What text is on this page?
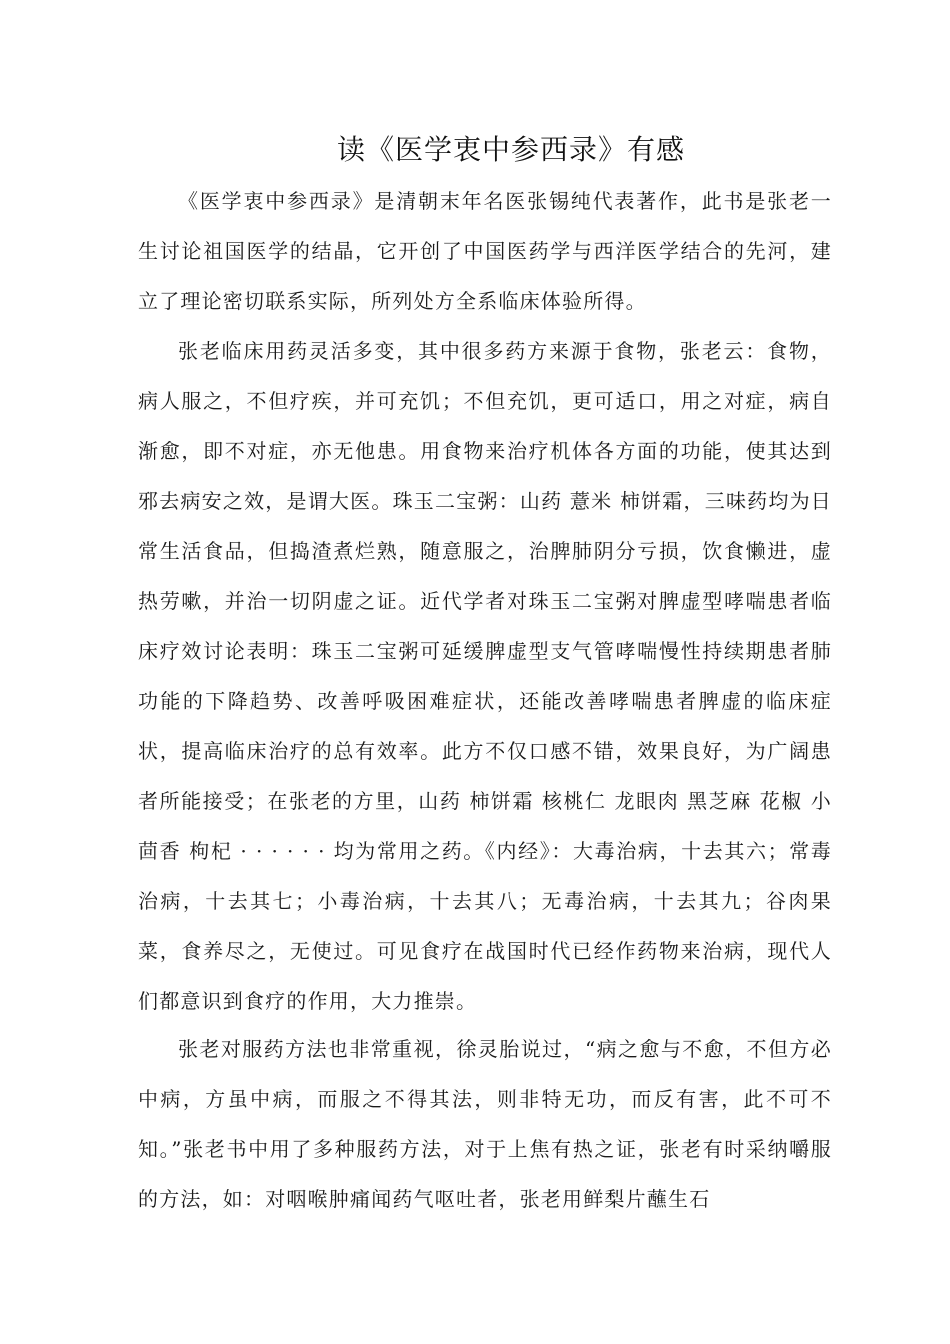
读《医学衷中参西录》有感

《医学衷中参西录》是清朝末年名医张锡纯代表著作，此书是张老一生讨论祖国医学的结晶，它开创了中国医药学与西洋医学结合的先河，建立了理论密切联系实际，所列处方全系临床体验所得。

张老临床用药灵活多变，其中很多药方来源于食物，张老云：食物，病人服之，不但疗疾，并可充饥；不但充饥，更可适口，用之对症，病自渐愈，即不对症，亦无他患。用食物来治疗机体各方面的功能，使其达到邪去病安之效，是谓大医。珠玉二宝粥：山药 薏米 柿饼霜，三味药均为日常生活食品，但捣渣煮烂熟，随意服之，治脾肺阴分亏损，饮食懒进，虚热劳嗽，并治一切阴虚之证。近代学者对珠玉二宝粥对脾虚型哮喘患者临床疗效讨论表明：珠玉二宝粥可延缓脾虚型支气管哮喘慢性持续期患者肺功能的下降趋势、改善呼吸困难症状，还能改善哮喘患者脾虚的临床症状，提高临床治疗的总有效率。此方不仅口感不错，效果良好，为广阔患者所能接受；在张老的方里，山药 柿饼霜 核桃仁 龙眼肉 黑芝麻 花椒 小茴香 枸杞 · · · · · · 均为常用之药。《内经》：大毒治病，十去其六；常毒治病，十去其七；小毒治病，十去其八；无毒治病，十去其九；谷肉果菜，食养尽之，无使过。可见食疗在战国时代已经作药物来治病，现代人们都意识到食疗的作用，大力推崇。

张老对服药方法也非常重视，徐灵胎说过，“病之愈与不愈，不但方必中病，方虽中病，而服之不得其法，则非特无功，而反有害，此不可不知。”张老书中用了多种服药方法，对于上焦有热之证，张老有时采纳嚼服的方法，如：对咽喉肿痛闻药气呕吐者，张老用鲜梨片蘸生石
